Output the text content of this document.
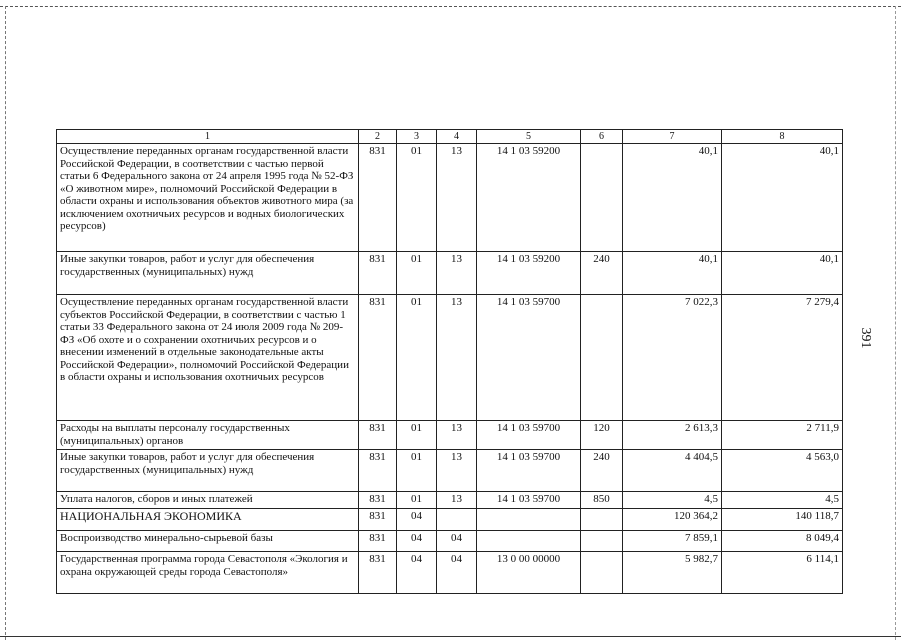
391
1	2	3	4	5	6	7	8
Осуществление переданных органам государственной власти Российской Федерации, в соответствии с частью первой статьи 6 Федерального закона от 24 апреля 1995 года № 52-ФЗ «О животном мире», полномочий Российской Федерации в области охраны и использования объектов животного мира (за исключением охотничьих ресурсов и водных биологических ресурсов)	831	01	13	14 1 03 59200		40,1	40,1
Иные закупки товаров, работ и услуг для обеспечения государственных (муниципальных) нужд	831	01	13	14 1 03 59200	240	40,1	40,1
Осуществление переданных органам государственной власти субъектов Российской Федерации, в соответствии с частью 1 статьи 33 Федерального закона от 24 июля 2009 года № 209-ФЗ «Об охоте и о сохранении охотничьих ресурсов и о внесении изменений в отдельные законодательные акты Российской Федерации», полномочий Российской Федерации в области охраны и использования охотничьих ресурсов	831	01	13	14 1 03 59700		7 022,3	7 279,4
Расходы на выплаты персоналу государственных (муниципальных) органов	831	01	13	14 1 03 59700	120	2 613,3	2 711,9
Иные закупки товаров, работ и услуг для обеспечения государственных (муниципальных) нужд	831	01	13	14 1 03 59700	240	4 404,5	4 563,0
Уплата налогов, сборов и иных платежей	831	01	13	14 1 03 59700	850	4,5	4,5
НАЦИОНАЛЬНАЯ ЭКОНОМИКА	831	04				120 364,2	140 118,7
Воспроизводство минерально-сырьевой базы	831	04	04			7 859,1	8 049,4
Государственная программа города Севастополя «Экология и охрана окружающей среды города Севастополя»	831	04	04	13 0 00 00000		5 982,7	6 114,1
